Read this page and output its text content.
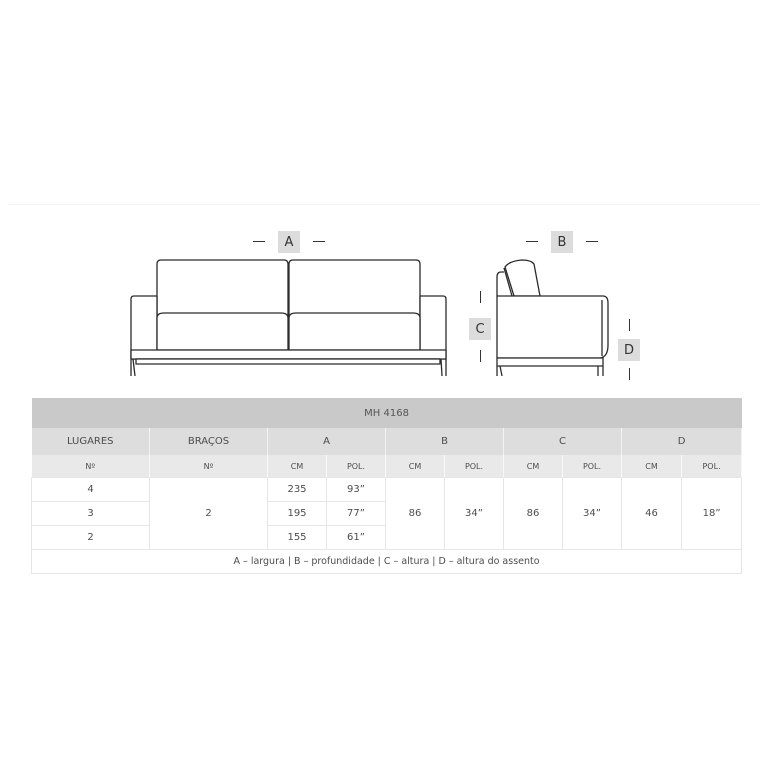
A	B
C
D
MH 4168									
LUGARES	BRAÇOS	A		B		C		D	
Nº	Nº	CM	POL.	CM	POL.	CM	POL.	CM	POL.
4	2	235	93”	86	34”	86	34”	46	18”
3		195	77”						
2		155	61”						
A – largura | B – profundidade | C – altura | D – altura do assento									
